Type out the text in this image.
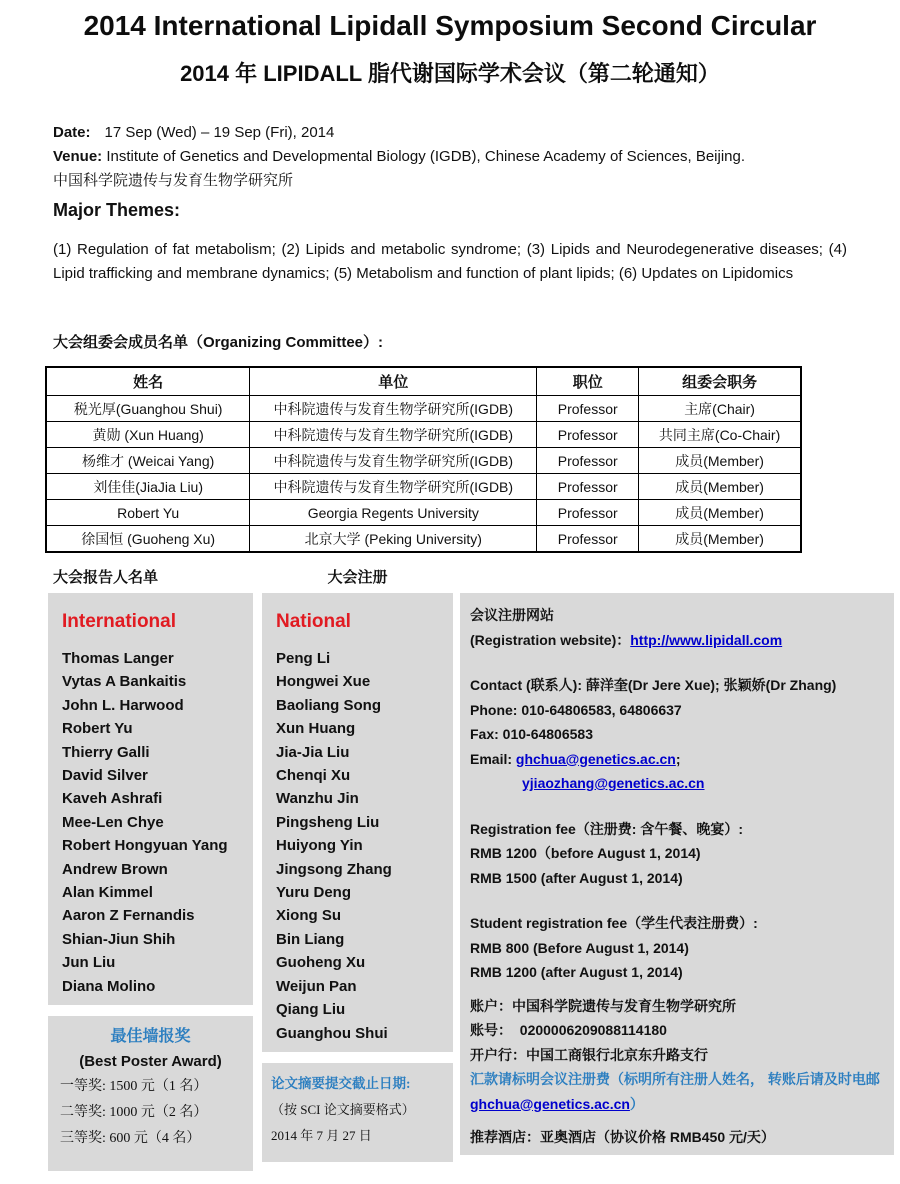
2014 International Lipidall Symposium Second Circular
2014 年 LIPIDALL 脂代谢国际学术会议（第二轮通知）
Date: 17 Sep (Wed) – 19 Sep (Fri), 2014
Venue: Institute of Genetics and Developmental Biology (IGDB), Chinese Academy of Sciences, Beijing.
中国科学院遗传与发育生物学研究所
Major Themes:
(1) Regulation of fat metabolism; (2) Lipids and metabolic syndrome; (3) Lipids and Neurodegenerative diseases; (4) Lipid trafficking and membrane dynamics; (5) Metabolism and function of plant lipids; (6) Updates on Lipidomics
大会组委会成员名单（Organizing Committee）:
姓名	单位	职位	组委会职务
税光厚(Guanghou Shui)	中科院遗传与发育生物学研究所(IGDB)	Professor	主席(Chair)
黄勋 (Xun Huang)	中科院遗传与发育生物学研究所(IGDB)	Professor	共同主席(Co-Chair)
杨维才 (Weicai Yang)	中科院遗传与发育生物学研究所(IGDB)	Professor	成员(Member)
刘佳佳(JiaJia Liu)	中科院遗传与发育生物学研究所(IGDB)	Professor	成员(Member)
Robert Yu	Georgia Regents University	Professor	成员(Member)
徐国恒 (Guoheng Xu)	北京大学 (Peking University)	Professor	成员(Member)
大会报告人名单	大会注册
International
Thomas Langer
Vytas A Bankaitis
John L. Harwood
Robert Yu
Thierry Galli
David Silver
Kaveh Ashrafi
Mee-Len Chye
Robert Hongyuan Yang
Andrew Brown
Alan Kimmel
Aaron Z Fernandis
Shian-Jiun Shih
Jun Liu
Diana Molino
National
Peng Li
Hongwei Xue
Baoliang Song
Xun Huang
Jia-Jia Liu
Chenqi Xu
Wanzhu Jin
Pingsheng Liu
Huiyong Yin
Jingsong Zhang
Yuru Deng
Xiong Su
Bin Liang
Guoheng Xu
Weijun Pan
Qiang Liu
Guanghou Shui
会议注册网站
(Registration website)：http://www.lipidall.com
Contact (联系人): 薛洋奎(Dr Jere Xue); 张颖娇(Dr Zhang)
Phone: 010-64806583, 64806637
Fax: 010-64806583
Email: ghchua@genetics.ac.cn;
yjiaozhang@genetics.ac.cn
Registration fee（注册费: 含午餐、晚宴）:
RMB 1200（before August 1, 2014)
RMB 1500 (after August 1, 2014)
Student registration fee（学生代表注册费）:
RMB 800 (Before August 1, 2014)
RMB 1200 (after August 1, 2014)
账户：中国科学院遗传与发育生物学研究所
账号：  0200006209088114180
开户行：中国工商银行北京东升路支行
汇款请标明会议注册费（标明所有注册人姓名， 转账后请及时电邮 ghchua@genetics.ac.cn）
推荐酒店：亚奥酒店（协议价格 RMB450 元/天）
最佳墙报奖
(Best Poster Award)
一等奖: 1500 元（1 名）
二等奖: 1000 元（2 名）
三等奖: 600 元（4 名）
论文摘要提交截止日期:
（按 SCI 论文摘要格式）
2014 年 7 月 27 日
